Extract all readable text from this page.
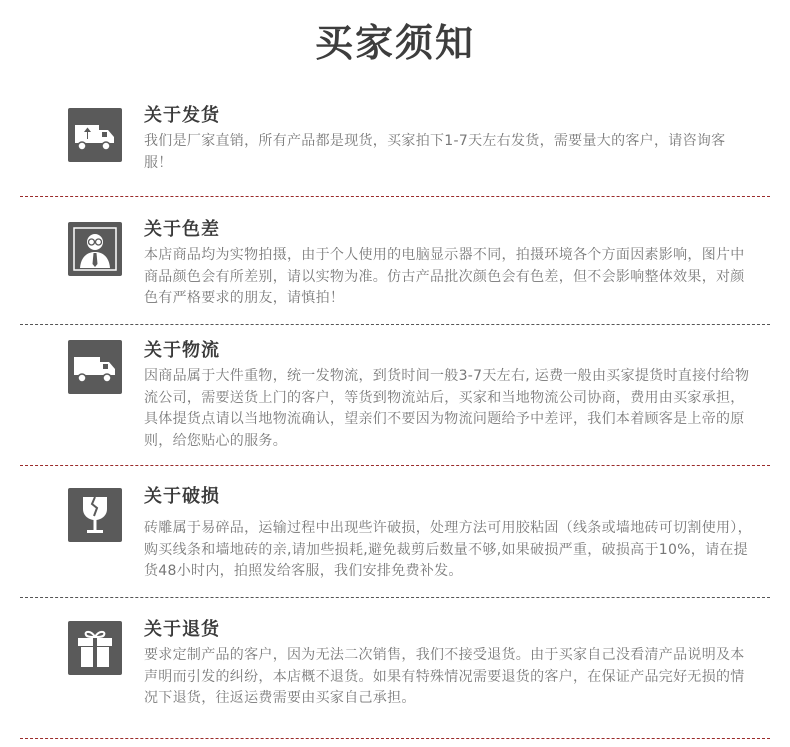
买家须知
关于发货
我们是厂家直销，所有产品都是现货，买家拍下1-7天左右发货，需要量大的客户，请咨询客服！
关于色差
本店商品均为实物拍摄，由于个人使用的电脑显示器不同，拍摄环境各个方面因素影响，图片中商品颜色会有所差别，请以实物为准。仿古产品批次颜色会有色差，但不会影响整体效果，对颜色有严格要求的朋友，请慎拍！
关于物流
因商品属于大件重物，统一发物流，到货时间一般3-7天左右, 运费一般由买家提货时直接付给物流公司，需要送货上门的客户，等货到物流站后，买家和当地物流公司协商，费用由买家承担，具体提货点请以当地物流确认，望亲们不要因为物流问题给予中差评，我们本着顾客是上帝的原则，给您贴心的服务。
关于破损
砖雕属于易碎品，运输过程中出现些许破损，处理方法可用胶粘固（线条或墙地砖可切割使用），购买线条和墙地砖的亲,请加些损耗,避免裁剪后数量不够,如果破损严重，破损高于10%，请在提货48小时内，拍照发给客服，我们安排免费补发。
关于退货
要求定制产品的客户，因为无法二次销售，我们不接受退货。由于买家自己没看清产品说明及本声明而引发的纠纷，本店概不退货。如果有特殊情况需要退货的客户，在保证产品完好无损的情况下退货，往返运费需要由买家自己承担。
